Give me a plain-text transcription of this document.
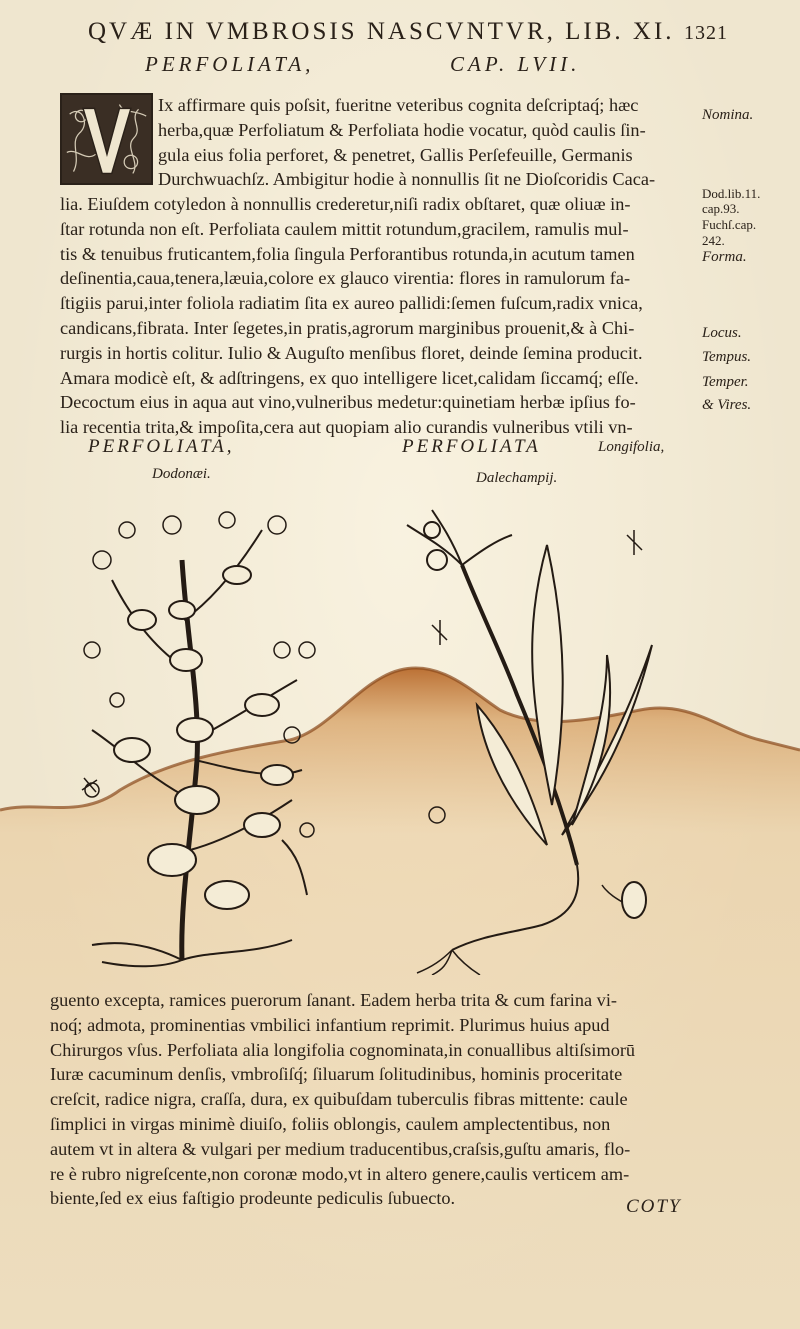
QVÆ IN VMBROSIS NASCVNTVR, LIB. XI. 1321
PERFOLIATA,	CAP. LVII.
Ix affirmare quis poſsit, fueritne veteribus cognita deſcriptaq́; hæc
herba,quæ Perfoliatum & Perfoliata hodie vocatur, quòd caulis ſin-
gula eius folia perforet, & penetret, Gallis Perſefeuille, Germanis
Durchwuachſz. Ambigitur hodie à nonnullis ſit ne Dioſcoridis Caca-
lia. Eiuſdem cotyledon à nonnullis crederetur,niſi radix obſtaret, quæ oliuæ in-
ſtar rotunda non eſt. Perfoliata caulem mittit rotundum,gracilem, ramulis mul-
tis & tenuibus fruticantem,folia ſingula Perforantibus rotunda,in acutum tamen
deſinentia,caua,tenera,læuia,colore ex glauco virentia: flores in ramulorum fa-
ſtigiis parui,inter foliola radiatim ſita ex aureo pallidi:ſemen fuſcum,radix vnica,
candicans,fibrata. Inter ſegetes,in pratis,agrorum marginibus prouenit,& à Chi-
rurgis in hortis colitur. Iulio & Auguſto menſibus floret, deinde ſemina producit.
Amara modicè eſt, & adſtringens, ex quo intelligere licet,calidam ſiccamq́; eſſe.
Decoctum eius in aqua aut vino,vulneribus medetur:quinetiam herbæ ipſius fo-
lia recentia trita,& impoſita,cera aut quopiam alio curandis vulneribus vtili vn-
Nomina.
Dod.lib.11.
cap.93.
Fuchſ.cap.
242.
Forma.
Locus.
Tempus.
Temper.
& Vires.
PERFOLIATA,
Dodonæi.
PERFOLIATA	Longifolia,
Dalechampij.
guento excepta, ramices puerorum ſanant. Eadem herba trita & cum farina vi-
noq́; admota, prominentias vmbilici infantium reprimit. Plurimus huius apud
Chirurgos vſus. Perfoliata alia longifolia cognominata,in conuallibus altiſsimorū
Iuræ cacuminum denſis, vmbroſiſq́; ſiluarum ſolitudinibus, hominis proceritate
creſcit, radice nigra, craſſa, dura, ex quibuſdam tuberculis fibras mittente: caule
ſimplici in virgas minimè diuiſo, foliis oblongis, caulem amplectentibus, non
autem vt in altera & vulgari per medium traducentibus,craſsis,guſtu amaris, flo-
re è rubro nigreſcente,non coronæ modo,vt in altero genere,caulis verticem am-
biente,ſed ex eius faſtigio prodeunte pediculis ſubuecto.	COTY
